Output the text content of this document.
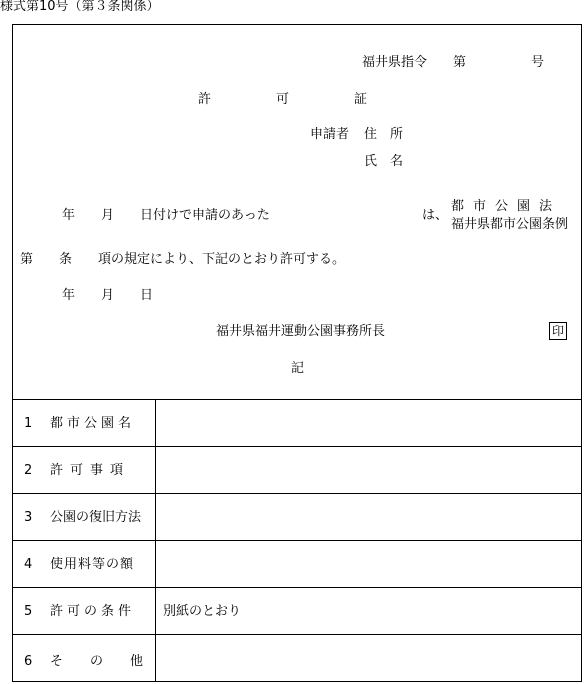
様式第10号（第３条関係）
福井県指令　　第　　　　　号
許　　　　　可　　　　　証
申請者 住　所
氏　名
年　　月　　日付けで申請のあった	は、
都市公園法
福井県都市公園条例
第　　条　　項の規定により、下記のとおり許可する。
年　　月　　日
福井県福井運動公園事務所長	印
記
1 都市公園名
2 許可事項
3 公園の復旧方法
4 使用料等の額
5 許可の条件 別紙のとおり
6 その他
